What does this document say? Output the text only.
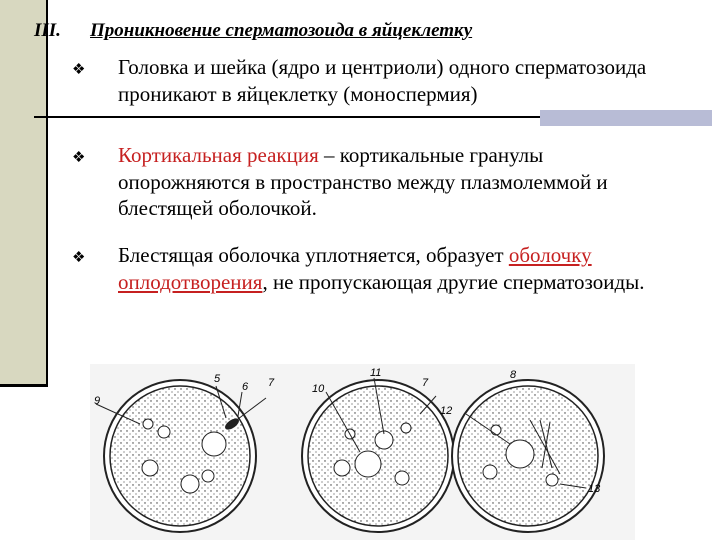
III. Проникновение сперматозоида в яйцеклетку
❖ Головка и шейка (ядро и центриоли) одного сперматозоида проникают в яйцеклетку (моноспермия)
❖ Кортикальная реакция – кортикальные гранулы опорожняются в пространство между плазмолеммой и блестящей оболочкой.
❖ Блестящая оболочка уплотняется, образует оболочку оплодотворения, не пропускающая другие сперматозоиды.
5
6 7
9
10
11
7
12
8
13
